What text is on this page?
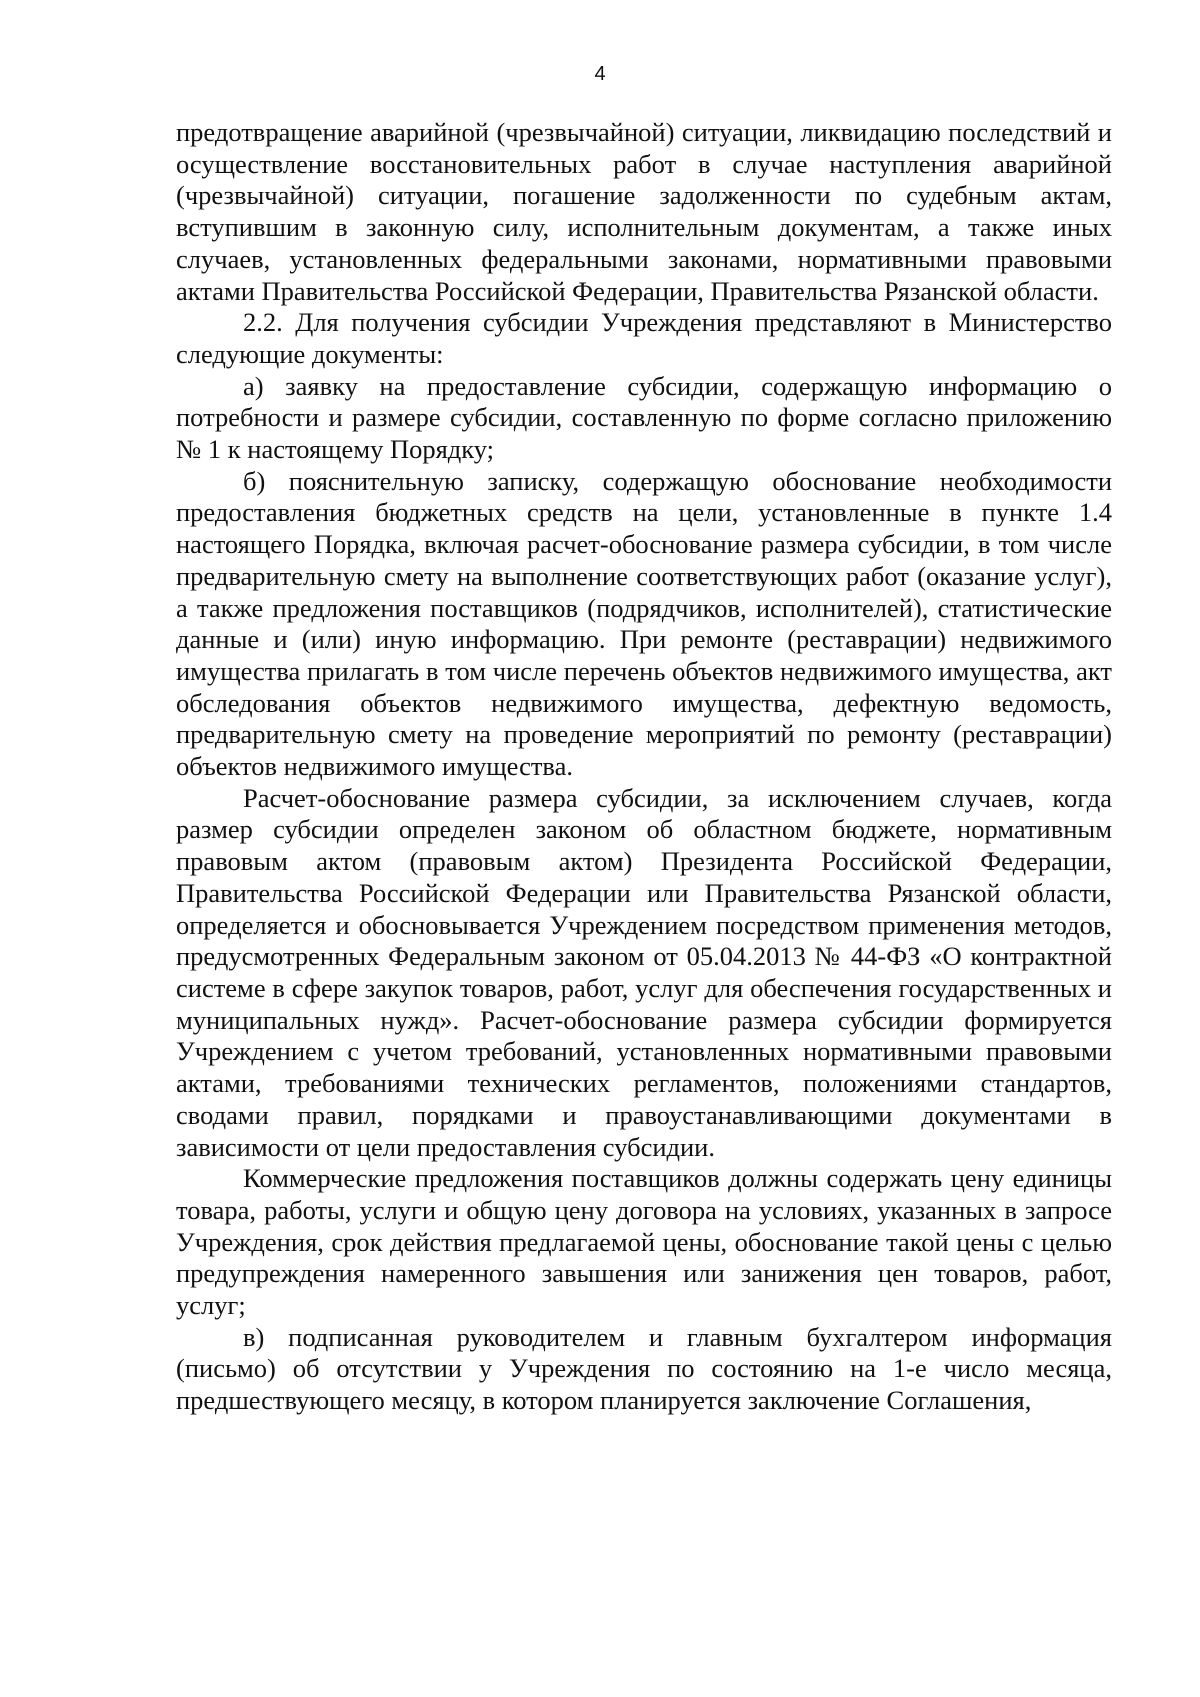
4

предотвращение аварийной (чрезвычайной) ситуации, ликвидацию последствий и осуществление восстановительных работ в случае наступления аварийной (чрезвычайной) ситуации, погашение задолженности по судебным актам, вступившим в законную силу, исполнительным документам, а также иных случаев, установленных федеральными законами, нормативными правовыми актами Правительства Российской Федерации, Правительства Рязанской области.

2.2. Для получения субсидии Учреждения представляют в Министерство следующие документы:

а) заявку на предоставление субсидии, содержащую информацию о потребности и размере субсидии, составленную по форме согласно приложению № 1 к настоящему Порядку;

б) пояснительную записку, содержащую обоснование необходимости предоставления бюджетных средств на цели, установленные в пункте 1.4 настоящего Порядка, включая расчет-обоснование размера субсидии, в том числе предварительную смету на выполнение соответствующих работ (оказание услуг), а также предложения поставщиков (подрядчиков, исполнителей), статистические данные и (или) иную информацию. При ремонте (реставрации) недвижимого имущества прилагать в том числе перечень объектов недвижимого имущества, акт обследования объектов недвижимого имущества, дефектную ведомость, предварительную смету на проведение мероприятий по ремонту (реставрации) объектов недвижимого имущества.

Расчет-обоснование размера субсидии, за исключением случаев, когда размер субсидии определен законом об областном бюджете, нормативным правовым актом (правовым актом) Президента Российской Федерации, Правительства Российской Федерации или Правительства Рязанской области, определяется и обосновывается Учреждением посредством применения методов, предусмотренных Федеральным законом от 05.04.2013 № 44-ФЗ «О контрактной системе в сфере закупок товаров, работ, услуг для обеспечения государственных и муниципальных нужд». Расчет-обоснование размера субсидии формируется Учреждением с учетом требований, установленных нормативными правовыми актами, требованиями технических регламентов, положениями стандартов, сводами правил, порядками и правоустанавливающими документами в зависимости от цели предоставления субсидии.

Коммерческие предложения поставщиков должны содержать цену единицы товара, работы, услуги и общую цену договора на условиях, указанных в запросе Учреждения, срок действия предлагаемой цены, обоснование такой цены с целью предупреждения намеренного завышения или занижения цен товаров, работ, услуг;

в) подписанная руководителем и главным бухгалтером информация (письмо) об отсутствии у Учреждения по состоянию на 1-е число месяца, предшествующего месяцу, в котором планируется заключение Соглашения,
